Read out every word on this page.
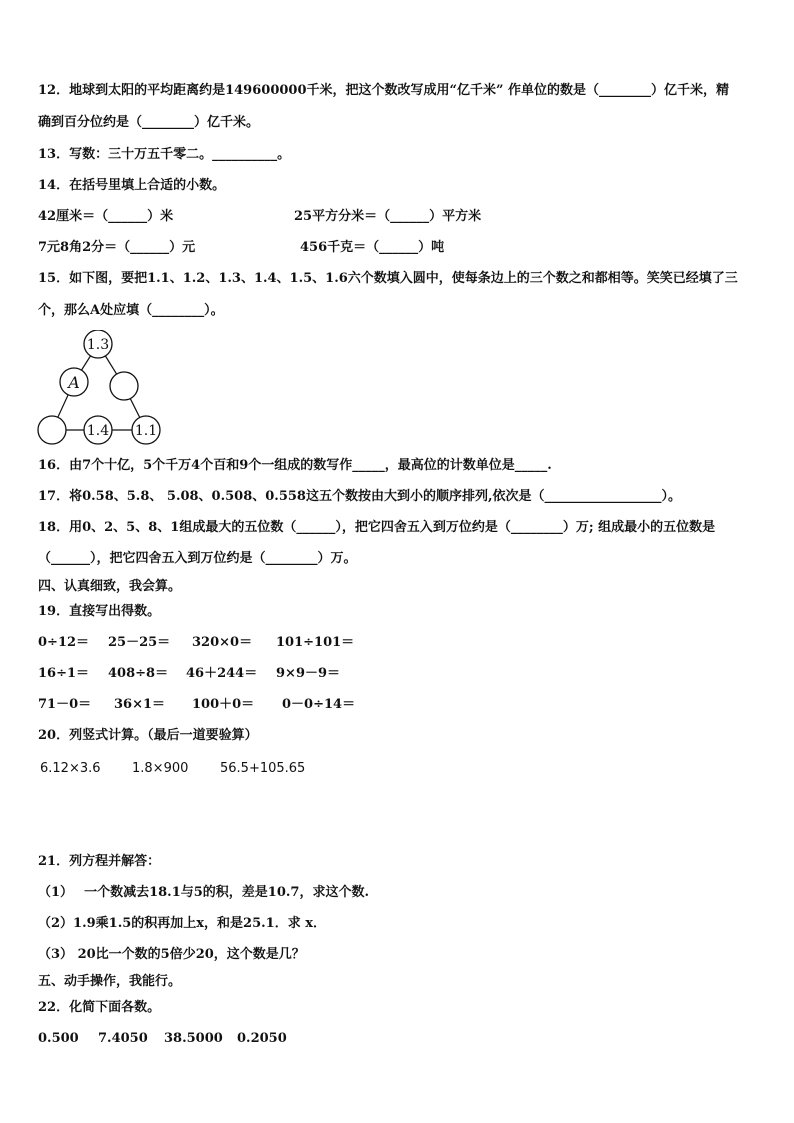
12．地球到太阳的平均距离约是149600000千米，把这个数改写成用“亿千米” 作单位的数是（________）亿千米，精
确到百分位约是（________）亿千米。
13．写数：三十万五千零二。__________。
14．在括号里填上合适的小数。
42厘米＝（______）米	25平方分米＝（______）平方米
7元8角2分＝（______）元	456千克＝（______）吨
15．如下图，要把1.1、1.2、1.3、1.4、1.5、1.6六个数填入圆中，使每条边上的三个数之和都相等。笑笑已经填了三
个，那么A处应填（________）。
1.3
A
1.4 1.1
16．由7个十亿，5个千万4个百和9个一组成的数写作_____，最高位的计数单位是_____.
17．将0.58、5.8、 5.08、0.508、0.558这五个数按由大到小的顺序排列,依次是（__________________）。
18．用0、2、5、8、1组成最大的五位数（______），把它四舍五入到万位约是（________）万; 组成最小的五位数是
（______），把它四舍五入到万位约是（________）万。
四、认真细致，我会算。
19．直接写出得数。
0÷12＝ 25－25＝ 320×0＝ 101÷101＝
16÷1＝ 408÷8＝ 46＋244＝ 9×9－9＝
71－0＝ 36×1＝ 100＋0＝ 0－0÷14＝
20．列竖式计算。（最后一道要验算）
6.12×3.6 1.8×900 56.5+105.65
21．列方程并解答：
（1）　 一个数减去18.1与5的积，差是10.7，求这个数.
（2）1.9乘1.5的积再加上x，和是25.1．求 x．
（3） 20比一个数的5倍少20，这个数是几？
五、动手操作，我能行。
22．化简下面各数。
0.500 7.4050 38.5000 0.2050
